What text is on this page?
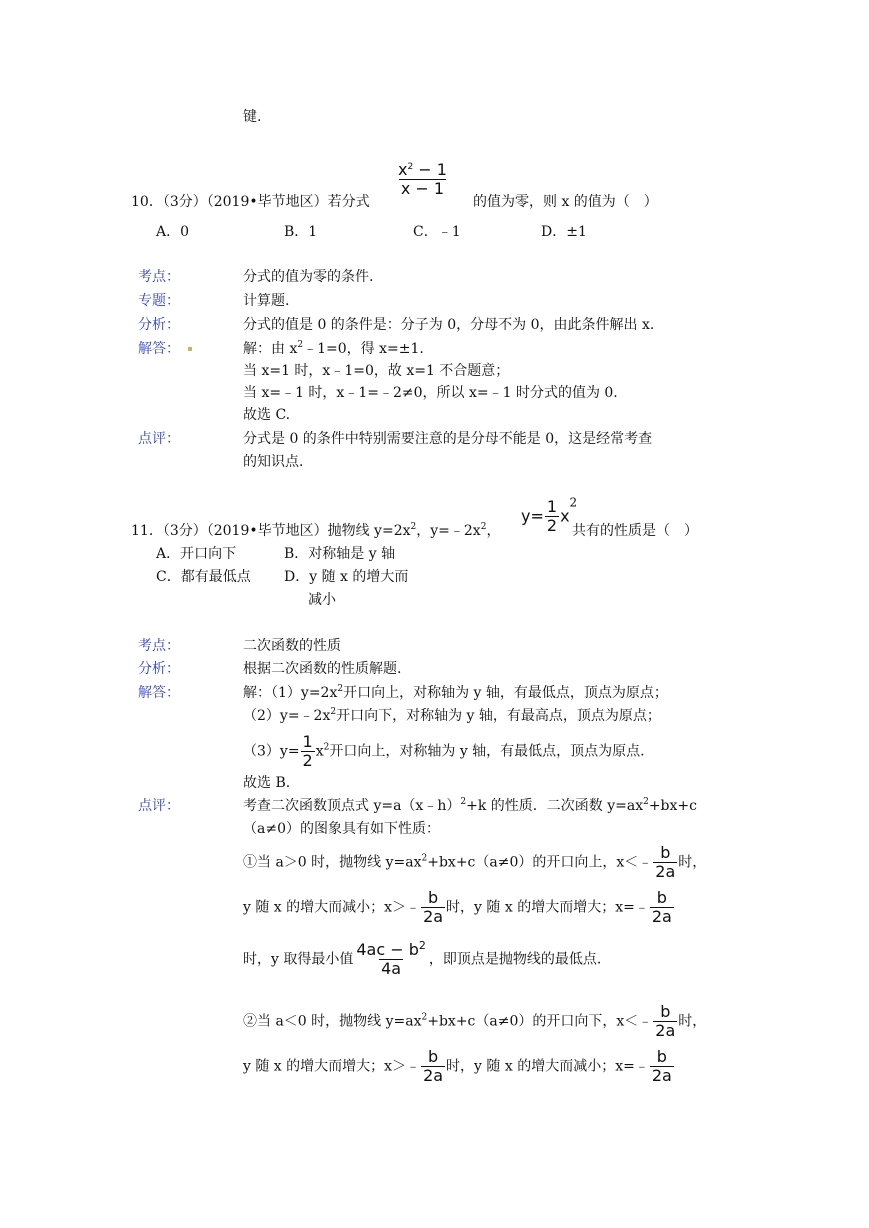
键.
$\frac{x^2 - 1}{x - 1}$
10．（3分）（2019•毕节地区）若分式	的值为零，则 x 的值为（　）
A．0	B．1	C．﹣1	D．±1
考点：	分式的值为零的条件.
专题：	计算题.
分析：	分式的值是 0 的条件是：分子为 0，分母不为 0，由此条件解出 x.
解答：	解：由 $x^2﹣1=0$，得 x=±1.
当 x=1 时，x﹣1=0，故 x=1 不合题意；
当 x=﹣1 时，x﹣1=﹣2≠0，所以 x=﹣1 时分式的值为 0.
故选 C.
点评：	分式是 0 的条件中特别需要注意的是分母不能是 0，这是经常考查
的知识点.
11．（3分）（2019•毕节地区）抛物线 $y=2x^2$，$y=﹣2x^2$，
$y= \frac{1}{2} x^2$
共有的性质是（　）
A．开口向下	B．对称轴是 y 轴
C．都有最低点 D．y 随 x 的增大而
减小
考点：	二次函数的性质
分析：	根据二次函数的性质解题.
解答：	解：$(1)y=2x^2$开口向上，对称轴为 y 轴，有最低点，顶点为原点；
$(2)y=﹣2x^2$开口向下，对称轴为 y 轴，有最高点，顶点为原点；
$(3)y= \frac{1}{2} x^2$开口向上，对称轴为 y 轴，有最低点，顶点为原点.
故选 B.
点评：	考查二次函数顶点式 y=a（x﹣h）$^2$+k 的性质．二次函数 $y=ax^2+bx+c$
（a≠0）的图象具有如下性质：
①当 a＞0 时，抛物线 $y=ax^2+bx+c(a\ne 0)$的开口向上，x＜﹣ $\frac{b}{2a}$ 时，
y 随 x 的增大而减小；x＞﹣ $\frac{b}{2a}$ 时，y 随 x 的增大而增大；x=﹣ $\frac{b}{2a}$
时，y 取得最小值 $\frac{4ac - b^2}{4a}$ ，即顶点是抛物线的最低点.
②当 a＜0 时，抛物线 $y=ax^2+bx+c(a\ne 0)$的开口向下，x＜﹣ $\frac{b}{2a}$ 时，
y 随 x 的增大而增大；x＞﹣ $\frac{b}{2a}$ 时，y 随 x 的增大而减小；x=﹣ $\frac{b}{2a}$
